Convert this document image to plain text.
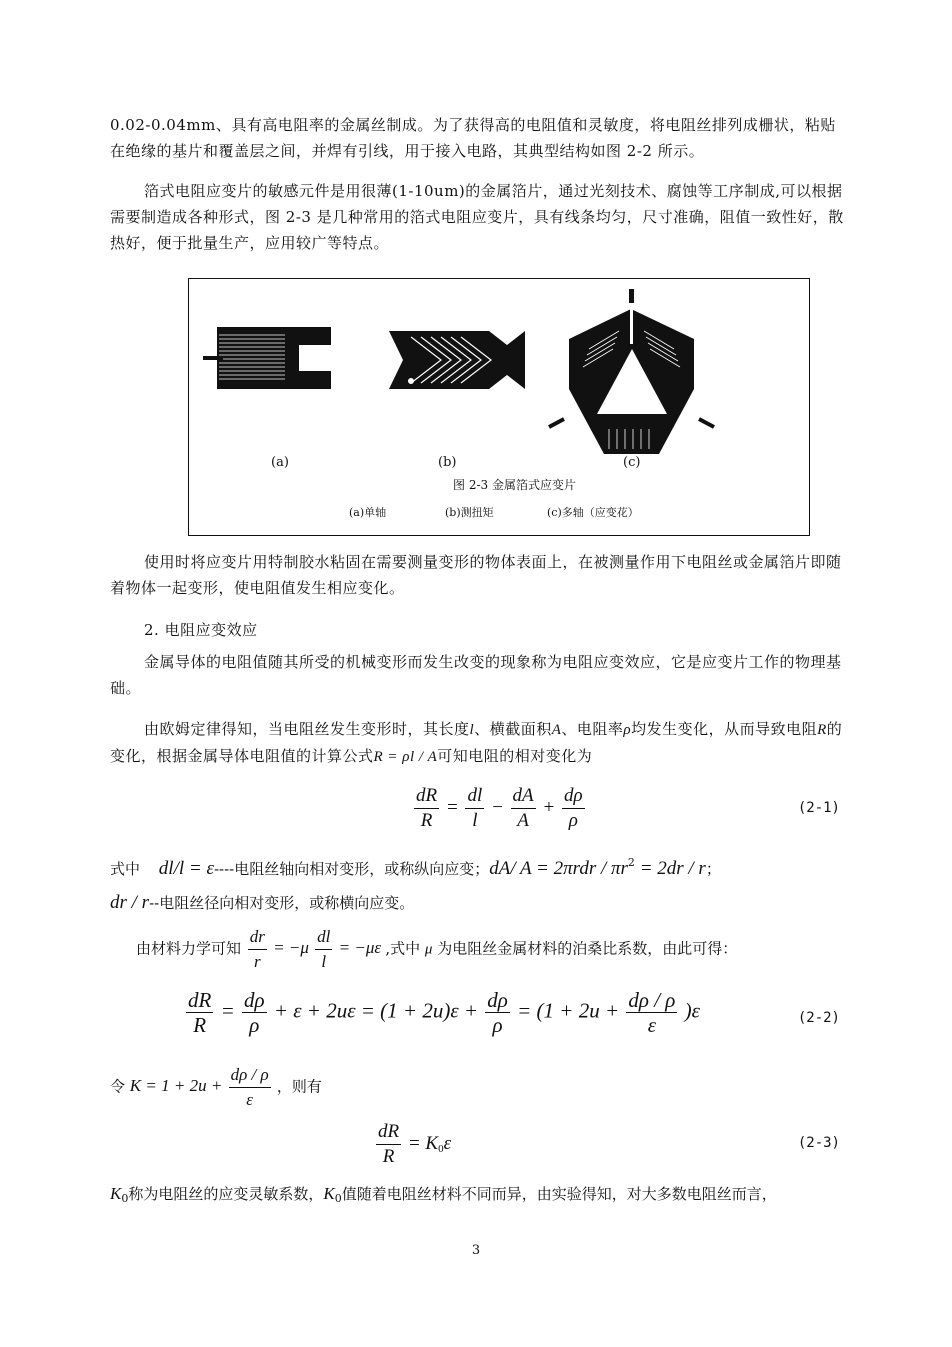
0.02-0.04mm、具有高电阻率的金属丝制成。为了获得高的电阻值和灵敏度，将电阻丝排列成栅状，粘贴在绝缘的基片和覆盖层之间，并焊有引线，用于接入电路，其典型结构如图 2-2 所示。

箔式电阻应变片的敏感元件是用很薄(1-10um)的金属箔片，通过光刻技术、腐蚀等工序制成,可以根据需要制造成各种形式，图 2-3 是几种常用的箔式电阻应变片，具有线条均匀，尺寸准确，阻值一致性好，散热好，便于批量生产，应用较广等特点。

(a)	(b)	(c)
图 2-3 金属箔式应变片
(a)单轴	(b)测扭矩	(c)多轴（应变花）

使用时将应变片用特制胶水粘固在需要测量变形的物体表面上，在被测量作用下电阻丝或金属箔片即随着物体一起变形，使电阻值发生相应变化。

2. 电阻应变效应

金属导体的电阻值随其所受的机械变形而发生改变的现象称为电阻应变效应，它是应变片工作的物理基础。

由欧姆定律得知，当电阻丝发生变形时，其长度l、横截面积A、电阻率ρ均发生变化，从而导致电阻R的变化，根据金属导体电阻值的计算公式R = ρl / A可知电阻的相对变化为

$\frac{dR}{R} = \frac{dl}{l} - \frac{dA}{A} + \frac{d\rho}{\rho}$	(2-1)
式中 dl/l = ε----电阻丝轴向相对变形，或称纵向应变；dA/ $A = 2\pi rdr / \pi r^2 = 2dr / r$；
dr / r--电阻丝径向相对变形，或称横向应变。
由材料力学可知 $\frac{dr}{r} = -\mu \frac{dl}{l} = -\mu\varepsilon$ ,式中 μ 为电阻丝金属材料的泊桑比系数，由此可得：
$\frac{dR}{R} = \frac{d\rho}{\rho} + \varepsilon + 2u\varepsilon = (1 + 2u)\varepsilon + \frac{d\rho}{\rho} = (1 + 2u + \frac{d\rho / \rho}{\varepsilon} )\varepsilon$	(2-2)
令 $K = 1 + 2u + \frac{d\rho / \rho}{\varepsilon}$ ，则有
$\frac{dR}{R} = K_0\varepsilon$	(2-3)
$K_0$称为电阻丝的应变灵敏系数，$K_0$值随着电阻丝材料不同而异，由实验得知，对大多数电阻丝而言，
3
